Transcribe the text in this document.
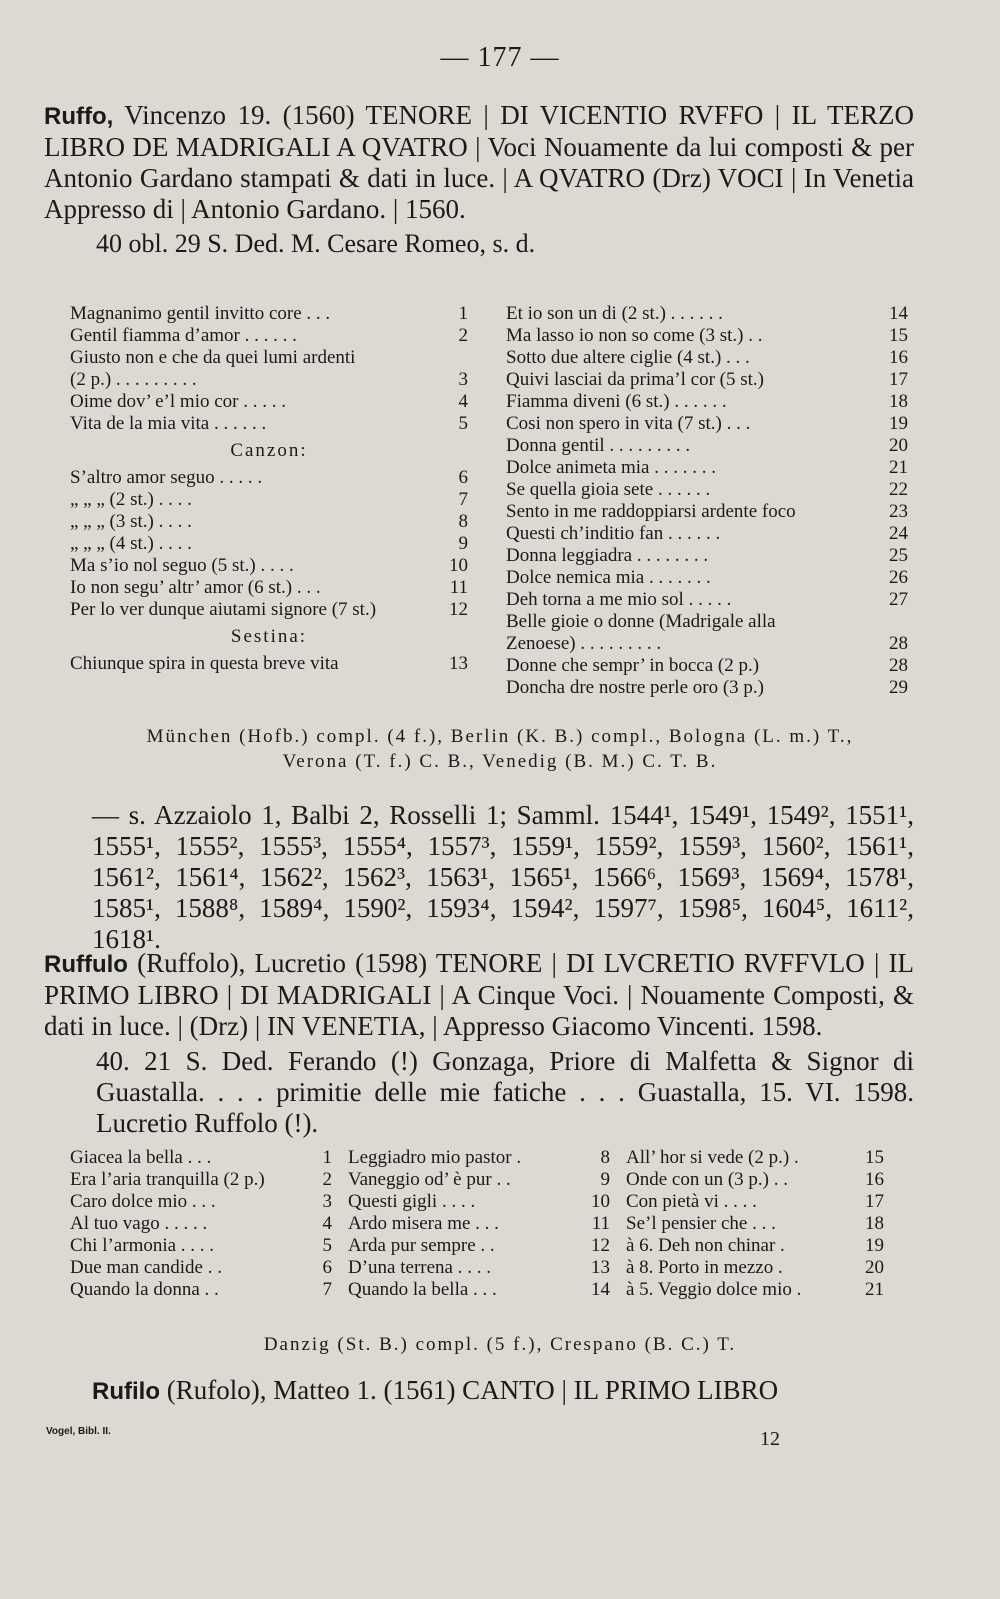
— 177 —

Ruffo, Vincenzo 19. (1560) TENORE | DI VICENTIO RVFFO | IL TERZO LIBRO DE MADRIGALI A QVATRO | Voci Nouamente da lui composti & per Antonio Gardano stampati & dati in luce. | A QVATRO (Drz) VOCI | In Venetia Appresso di | Antonio Gardano. | 1560.

40 obl. 29 S. Ded. M. Cesare Romeo, s. d.

Magnanimo gentil invitto core . . .	1
Gentil fiamma d’amor . . . . . .	2
Giusto non e che da quei lumi ardenti
(2 p.) . . . . . . . . .	3
Oime dov’ e’l mio cor . . . . .	4
Vita de la mia vita . . . . . .	5
Canzon:
S’altro amor seguo . . . . .	6
„ „ „ (2 st.) . . . .	7
„ „ „ (3 st.) . . . .	8
„ „ „ (4 st.) . . . .	9
Ma s’io nol seguo (5 st.) . . . .	10
Io non segu’ altr’ amor (6 st.) . . .	11
Per lo ver dunque aiutami signore (7 st.)	12
Sestina:
Chiunque spira in questa breve vita	13
Et io son un di (2 st.) . . . . . .	14
Ma lasso io non so come (3 st.) . .	15
Sotto due altere ciglie (4 st.) . . .	16
Quivi lasciai da prima’l cor (5 st.)	17
Fiamma diveni (6 st.) . . . . . .	18
Cosi non spero in vita (7 st.) . . .	19
Donna gentil . . . . . . . . .	20
Dolce animeta mia . . . . . . .	21
Se quella gioia sete . . . . . .	22
Sento in me raddoppiarsi ardente foco	23
Questi ch’inditio fan . . . . . .	24
Donna leggiadra . . . . . . . .	25
Dolce nemica mia . . . . . . .	26
Deh torna a me mio sol . . . . .	27
Belle gioie o donne (Madrigale alla
Zenoese) . . . . . . . . .	28
Donne che sempr’ in bocca (2 p.)	28
Doncha dre nostre perle oro (3 p.)	29
München (Hofb.) compl. (4 f.), Berlin (K. B.) compl., Bologna (L. m.) T.,
Verona (T. f.) C. B., Venedig (B. M.) C. T. B.

— s. Azzaiolo 1, Balbi 2, Rosselli 1; Samml. 1544¹, 1549¹, 1549², 1551¹, 1555¹, 1555², 1555³, 1555⁴, 1557³, 1559¹, 1559², 1559³, 1560², 1561¹, 1561², 1561⁴, 1562², 1562³, 1563¹, 1565¹, 1566⁶, 1569³, 1569⁴, 1578¹, 1585¹, 1588⁸, 1589⁴, 1590², 1593⁴, 1594², 1597⁷, 1598⁵, 1604⁵, 1611², 1618¹.

Ruffulo (Ruffolo), Lucretio (1598) TENORE | DI LVCRETIO RVFFVLO | IL PRIMO LIBRO | DI MADRIGALI | A Cinque Voci. | Nouamente Composti, & dati in luce. | (Drz) | IN VENETIA, | Appresso Giacomo Vincenti. 1598.

40. 21 S. Ded. Ferando (!) Gonzaga, Priore di Malfetta & Signor di Guastalla. . . . primitie delle mie fatiche . . . Guastalla, 15. VI. 1598. Lucretio Ruffolo (!).

Giacea la bella . . .	1
Era l’aria tranquilla (2 p.)	2
Caro dolce mio . . .	3
Al tuo vago . . . . .	4
Chi l’armonia . . . .	5
Due man candide . .	6
Quando la donna . .	7
Leggiadro mio pastor .	8
Vaneggio od’ è pur . .	9
Questi gigli . . . .	10
Ardo misera me . . .	11
Arda pur sempre . .	12
D’una terrena . . . .	13
Quando la bella . . .	14
All’ hor si vede (2 p.) .	15
Onde con un (3 p.) . .	16
Con pietà vi . . . .	17
Se’l pensier che . . .	18
à 6. Deh non chinar .	19
à 8. Porto in mezzo .	20
à 5. Veggio dolce mio .	21
Danzig (St. B.) compl. (5 f.), Crespano (B. C.) T.

Rufilo (Rufolo), Matteo 1. (1561) CANTO | IL PRIMO LIBRO

Vogel, Bibl. II.	12
